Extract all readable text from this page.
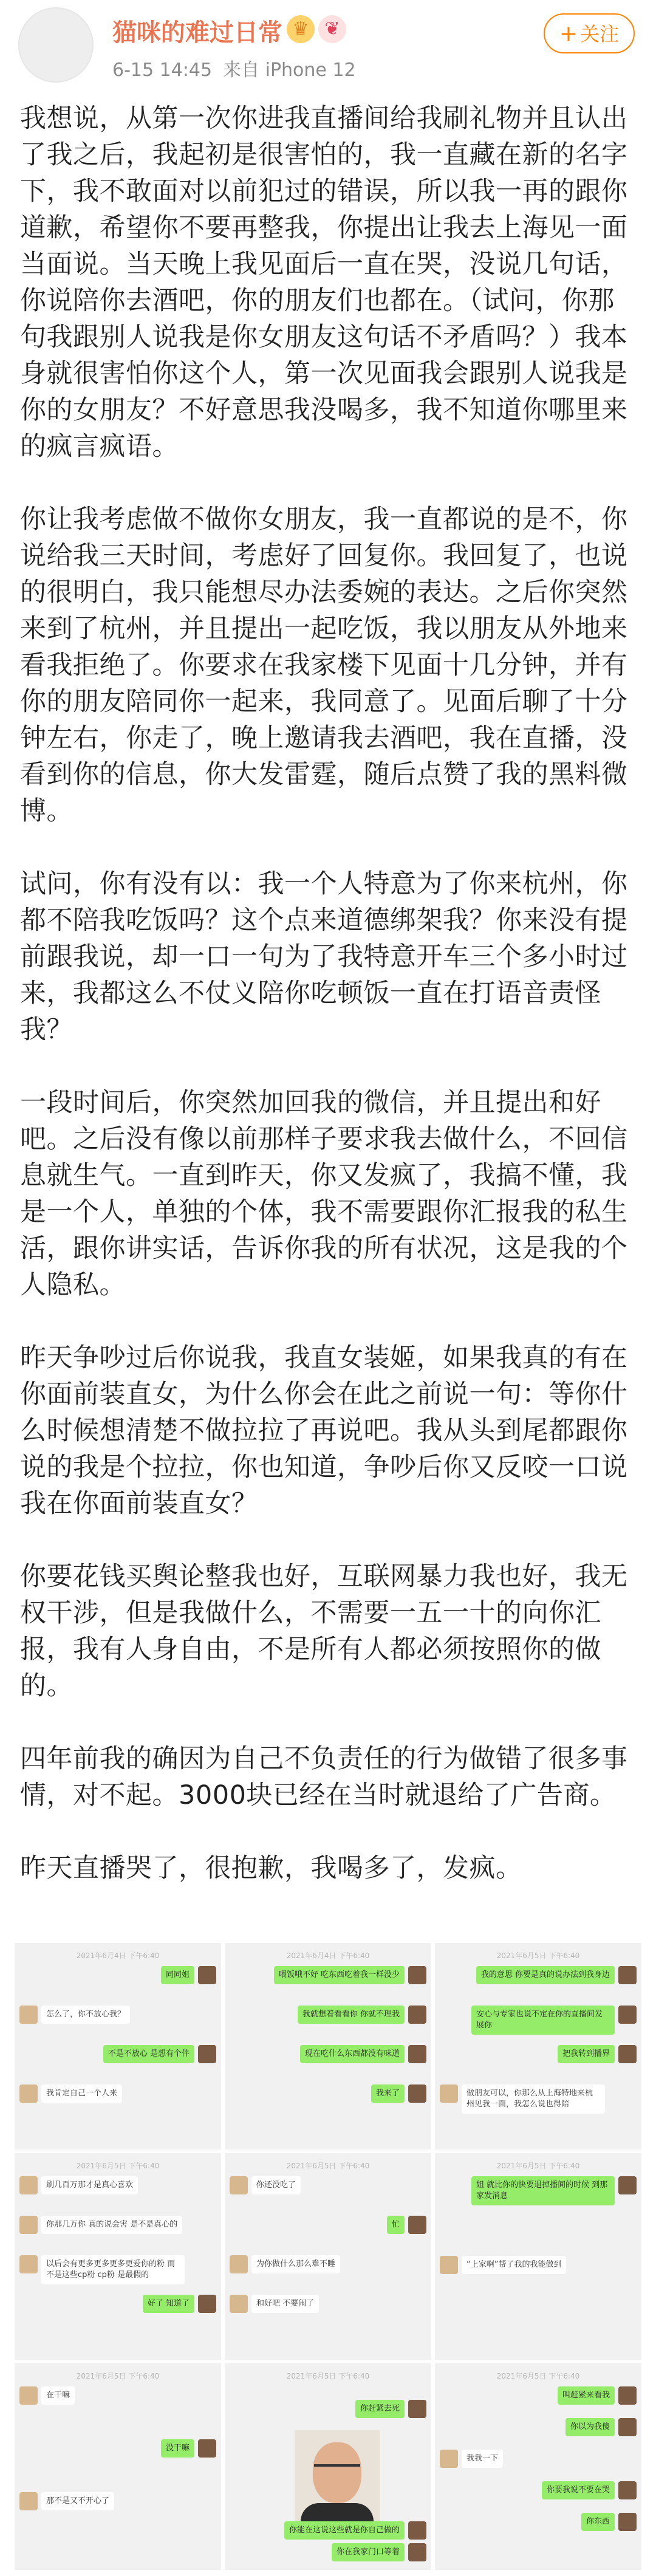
猫咪的难过日常 ♛ ❦
6-15 14:45 来自 iPhone 12
+ 关注

我想说，从第一次你进我直播间给我刷礼物并且认出了我之后，我起初是很害怕的，我一直藏在新的名字下，我不敢面对以前犯过的错误，所以我一再的跟你道歉，希望你不要再整我，你提出让我去上海见一面当面说。当天晚上我见面后一直在哭，没说几句话，你说陪你去酒吧，你的朋友们也都在。（试问，你那句我跟别人说我是你女朋友这句话不矛盾吗？）我本身就很害怕你这个人，第一次见面我会跟别人说我是你的女朋友？不好意思我没喝多，我不知道你哪里来的疯言疯语。

你让我考虑做不做你女朋友，我一直都说的是不，你说给我三天时间，考虑好了回复你。我回复了，也说的很明白，我只能想尽办法委婉的表达。之后你突然来到了杭州，并且提出一起吃饭，我以朋友从外地来看我拒绝了。你要求在我家楼下见面十几分钟，并有你的朋友陪同你一起来，我同意了。见面后聊了十分钟左右，你走了，晚上邀请我去酒吧，我在直播，没看到你的信息，你大发雷霆，随后点赞了我的黑料微博。

试问，你有没有以：我一个人特意为了你来杭州，你都不陪我吃饭吗？这个点来道德绑架我？你来没有提前跟我说，却一口一句为了我特意开车三个多小时过来，我都这么不仗义陪你吃顿饭一直在打语音责怪我？

一段时间后，你突然加回我的微信，并且提出和好吧。之后没有像以前那样子要求我去做什么，不回信息就生气。一直到昨天，你又发疯了，我搞不懂，我是一个人，单独的个体，我不需要跟你汇报我的私生活，跟你讲实话，告诉你我的所有状况，这是我的个人隐私。

昨天争吵过后你说我，我直女装姬，如果我真的有在你面前装直女，为什么你会在此之前说一句：等你什么时候想清楚不做拉拉了再说吧。我从头到尾都跟你说的我是个拉拉，你也知道，争吵后你又反咬一口说我在你面前装直女？

你要花钱买舆论整我也好，互联网暴力我也好，我无权干涉，但是我做什么，不需要一五一十的向你汇报，我有人身自由，不是所有人都必须按照你的做的。

四年前我的确因为自己不负责任的行为做错了很多事情，对不起。3000块已经在当时就退给了广告商。

昨天直播哭了，很抱歉，我喝多了，发疯。

2021年6月4日 下午6:40
同同姐
怎么了，你不放心我？
不是不放心 是想有个伴
我肯定自己一个人来
2021年6月4日 下午6:40
喂饭哦不好 吃东西吃着我一样没少
我就想着看看你 你就不理我
现在吃什么东西都没有味道
我来了
2021年6月5日 下午6:40
我的意思 你要是真的说办法到我身边
安心与专家也说不定在你的直播间发展你
把我转到播界
做朋友可以，你那么从上海特地来杭州见我一面，我怎么说也得陪
2021年6月5日 下午6:40
刷几百万那才是真心喜欢
你那几万你 真的说会害 是不是真心的
以后会有更多更多更多更爱你的粉 而不是这些cp粉 cp粉 是最假的
好了 知道了
2021年6月5日 下午6:40
你还没吃了
忙
为你做什么那么难不睡
和好吧 不要闹了
2021年6月5日 下午6:40
姐 就比你的快要退掉播间的时候 到那家发消息
“上家啊”帮了我的我能做到
2021年6月5日 下午6:40
在干嘛
没干嘛
那不是又不开心了
2021年6月5日 下午6:40
你赶紧去死
你能在这说这些就是你自己做的
你在我家门口等着
2021年6月5日 下午6:40
叫赶紧来看我
你以为我傻
我我一下
你要我说不要在哭
你东西
